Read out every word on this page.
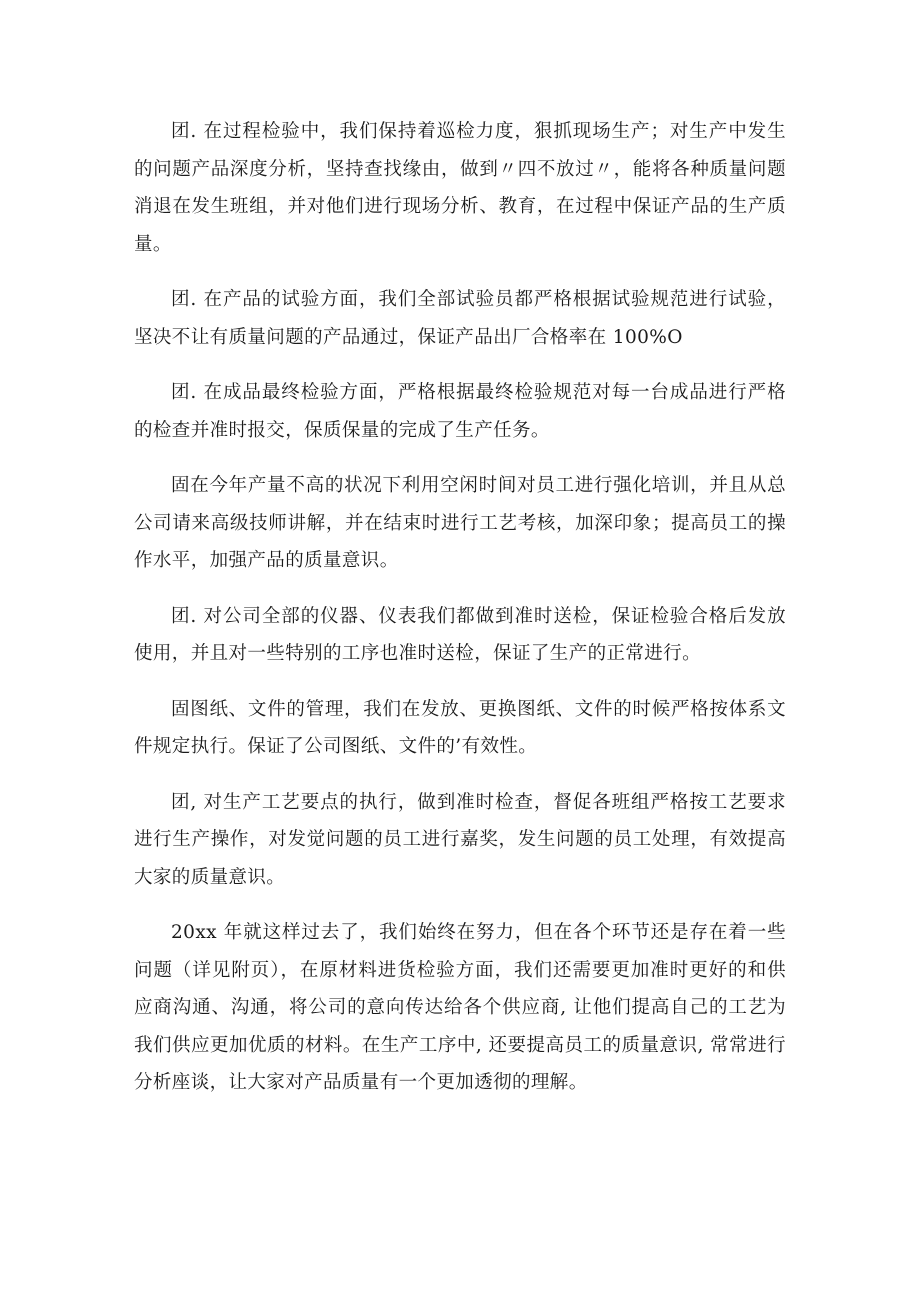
团. 在过程检验中，我们保持着巡检力度，狠抓现场生产；对生产中发生的问题产品深度分析，坚持查找缘由，做到〃四不放过〃，能将各种质量问题消退在发生班组，并对他们进行现场分析、教育，在过程中保证产品的生产质量。

团. 在产品的试验方面，我们全部试验员都严格根据试验规范进行试验，坚决不让有质量问题的产品通过，保证产品出厂合格率在 100%O

团. 在成品最终检验方面，严格根据最终检验规范对每一台成品进行严格的检查并准时报交，保质保量的完成了生产任务。

固在今年产量不高的状况下利用空闲时间对员工进行强化培训，并且从总公司请来高级技师讲解，并在结束时进行工艺考核，加深印象；提高员工的操作水平，加强产品的质量意识。

团. 对公司全部的仪器、仪表我们都做到准时送检，保证检验合格后发放使用，并且对一些特别的工序也准时送检，保证了生产的正常进行。

固图纸、文件的管理，我们在发放、更换图纸、文件的时候严格按体系文件规定执行。保证了公司图纸、文件的’有效性。

团, 对生产工艺要点的执行，做到准时检查，督促各班组严格按工艺要求进行生产操作，对发觉问题的员工进行嘉奖，发生问题的员工处理，有效提高大家的质量意识。

20xx 年就这样过去了，我们始终在努力，但在各个环节还是存在着一些问题（详见附页），在原材料进货检验方面，我们还需要更加准时更好的和供应商沟通、沟通，将公司的意向传达给各个供应商, 让他们提高自己的工艺为我们供应更加优质的材料。在生产工序中, 还要提高员工的质量意识, 常常进行分析座谈，让大家对产品质量有一个更加透彻的理解。
